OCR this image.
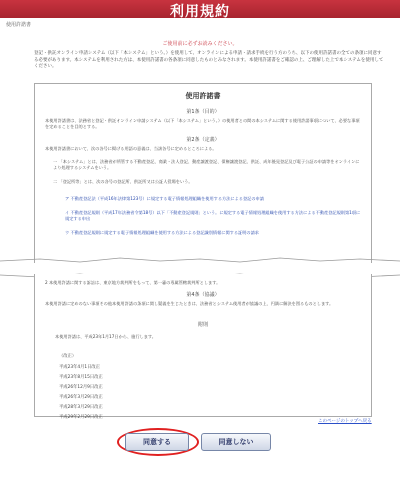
利用規約
使用許諾書
ご使用前に必ずお読みください。
登記・供託オンライン申請システム（以下「本システム」という。）を使用して、オンラインによる申請・請求手続を行う方のうち、以下の使用許諾書の全ての条項に同意する必要があります。本システムを利用された方は、本使用許諾書の各条項に同意したものとみなされます。本使用許諾書をご確認の上、ご理解した上で本システムを使用してください。
使用許諾書
第1条（目的）
本使用許諾書は、法務省と登記・供託オンライン申請システム（以下「本システム」という。）の使用者との間の本システムに関する使用許諾事項について、必要な事項を定めることを目的とする。
第2条（定義）
本使用許諾書において、次の各号に掲げる用語の意義は、当該各号に定めるところによる。
一 「本システム」とは、法務省が所管する不動産登記、商業・法人登記、動産譲渡登記、債権譲渡登記、供託、成年後見登記及び電子公証の申請等をオンラインにより処理するシステムをいう。
二 「登記所等」とは、次の各号の登記所、供託所又は公証人役場をいう。
ア 不動産登記法（平成16年法律第123号）に規定する電子情報処理組織を使用する方法による登記の申請
イ 不動産登記規則（平成17年法務省令第18号）以下「不動産登記規則」という。に規定する電子情報処理組織を使用する方法による不動産登記規則第1項に規定する申出
ウ 不動産登記規則に規定する電子情報処理組織を使用する方法による登記識別情報に関する証明の請求
2 本使用許諾に関する訴訟は、東京地方裁判所をもって、第一審の専属管轄裁判所とします。
第4条（協議）
本使用許諾に定めのない事項その他本使用許諾の条項に関し疑義を生じたときは、法務省とシステム使用者が協議の上、円満に解決を図るものとします。
附則
本使用許諾は、平成23年1月17日から、施行します。
（改正）
平成23年4月1日改正
平成23年8月15日改正
平成26年12月9日改正
平成26年3月29日改正
平成28年3月29日改正
平成29年2月29日改正
このページのトップへ戻る
同意する	同意しない
